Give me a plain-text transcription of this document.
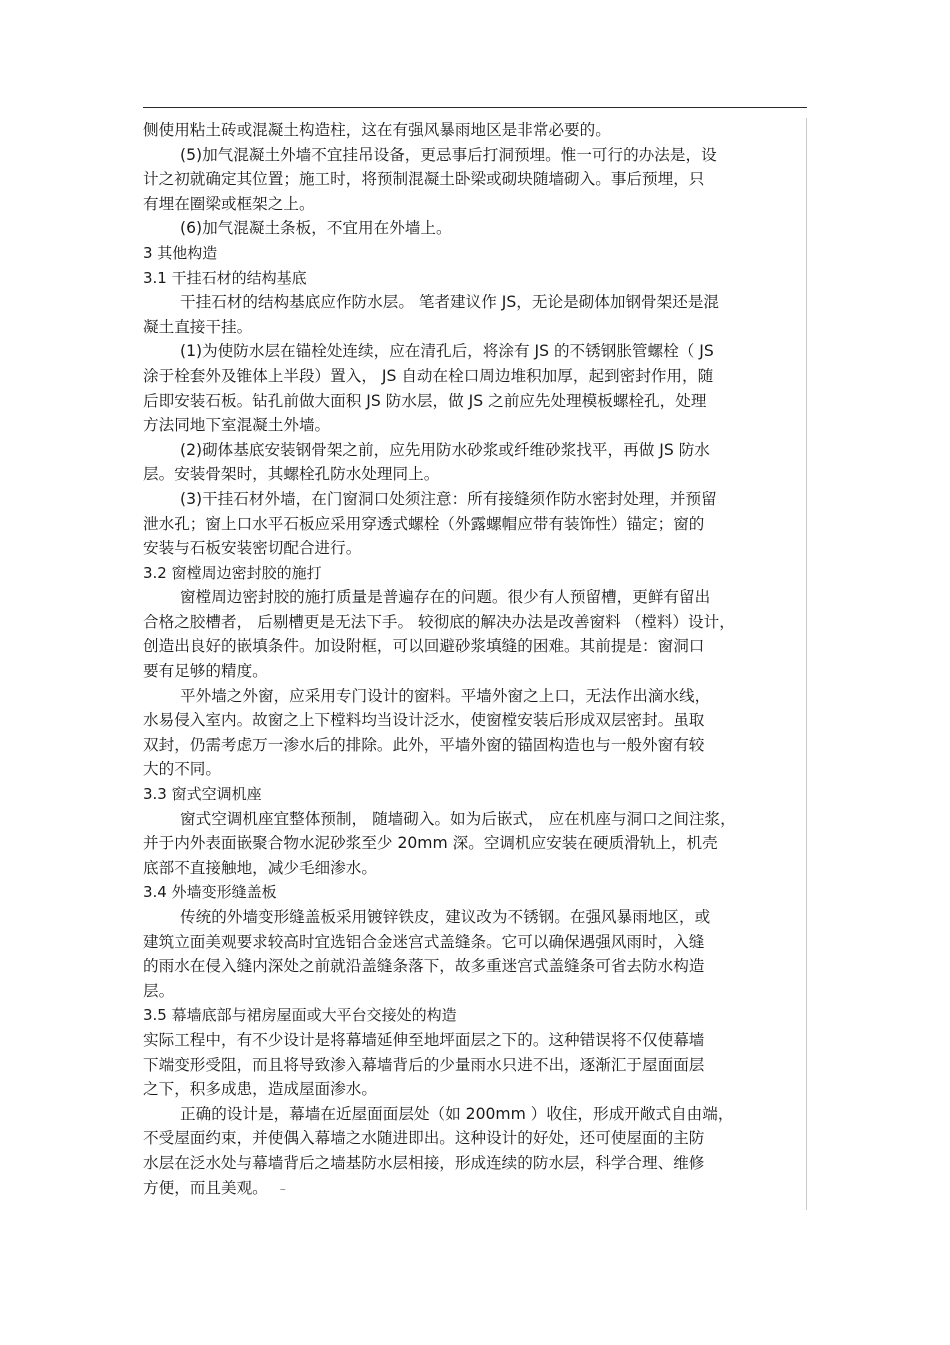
侧使用粘土砖或混凝土构造柱，这在有强风暴雨地区是非常必要的。
(5)加气混凝土外墙不宜挂吊设备，更忌事后打洞预埋。惟一可行的办法是，设
计之初就确定其位置；施工时，将预制混凝土卧梁或砌块随墙砌入。事后预埋，只
有埋在圈梁或框架之上。
(6)加气混凝土条板，不宜用在外墙上。
3 其他构造
3.1 干挂石材的结构基底
干挂石材的结构基底应作防水层。 笔者建议作 JS，无论是砌体加钢骨架还是混
凝土直接干挂。
(1)为使防水层在锚栓处连续，应在清孔后，将涂有 JS 的不锈钢胀管螺栓（ JS
涂于栓套外及锥体上半段）置入， JS 自动在栓口周边堆积加厚，起到密封作用，随
后即安装石板。钻孔前做大面积 JS 防水层，做 JS 之前应先处理模板螺栓孔，处理
方法同地下室混凝土外墙。
(2)砌体基底安装钢骨架之前，应先用防水砂浆或纤维砂浆找平，再做 JS 防水
层。安装骨架时，其螺栓孔防水处理同上。
(3)干挂石材外墙，在门窗洞口处须注意：所有接缝须作防水密封处理，并预留
泄水孔；窗上口水平石板应采用穿透式螺栓（外露螺帽应带有装饰性）锚定；窗的
安装与石板安装密切配合进行。
3.2 窗樘周边密封胶的施打
窗樘周边密封胶的施打质量是普遍存在的问题。很少有人预留槽，更鲜有留出
合格之胶槽者， 后剔槽更是无法下手。 较彻底的解决办法是改善窗料 （樘料）设计，
创造出良好的嵌填条件。加设附框，可以回避砂浆填缝的困难。其前提是：窗洞口
要有足够的精度。
平外墙之外窗，应采用专门设计的窗料。平墙外窗之上口，无法作出滴水线，
水易侵入室内。故窗之上下樘料均当设计泛水，使窗樘安装后形成双层密封。虽取
双封，仍需考虑万一渗水后的排除。此外，平墙外窗的锚固构造也与一般外窗有较
大的不同。
3.3 窗式空调机座
窗式空调机座宜整体预制， 随墙砌入。如为后嵌式， 应在机座与洞口之间注浆，
并于内外表面嵌聚合物水泥砂浆至少 20mm 深。空调机应安装在硬质滑轨上，机壳
底部不直接触地，减少毛细渗水。
3.4 外墙变形缝盖板
传统的外墙变形缝盖板采用镀锌铁皮，建议改为不锈钢。在强风暴雨地区，或
建筑立面美观要求较高时宜选铝合金迷宫式盖缝条。它可以确保遇强风雨时，入缝
的雨水在侵入缝内深处之前就沿盖缝条落下，故多重迷宫式盖缝条可省去防水构造
层。
3.5 幕墙底部与裙房屋面或大平台交接处的构造
实际工程中，有不少设计是将幕墙延伸至地坪面层之下的。这种错误将不仅使幕墙
下端变形受阻，而且将导致渗入幕墙背后的少量雨水只进不出，逐渐汇于屋面面层
之下，积多成患，造成屋面渗水。
正确的设计是，幕墙在近屋面面层处（如 200mm ）收住，形成开敞式自由端，
不受屋面约束，并使偶入幕墙之水随进即出。这种设计的好处，还可使屋面的主防
水层在泛水处与幕墙背后之墙基防水层相接，形成连续的防水层，科学合理、维修
方便，而且美观。 –
